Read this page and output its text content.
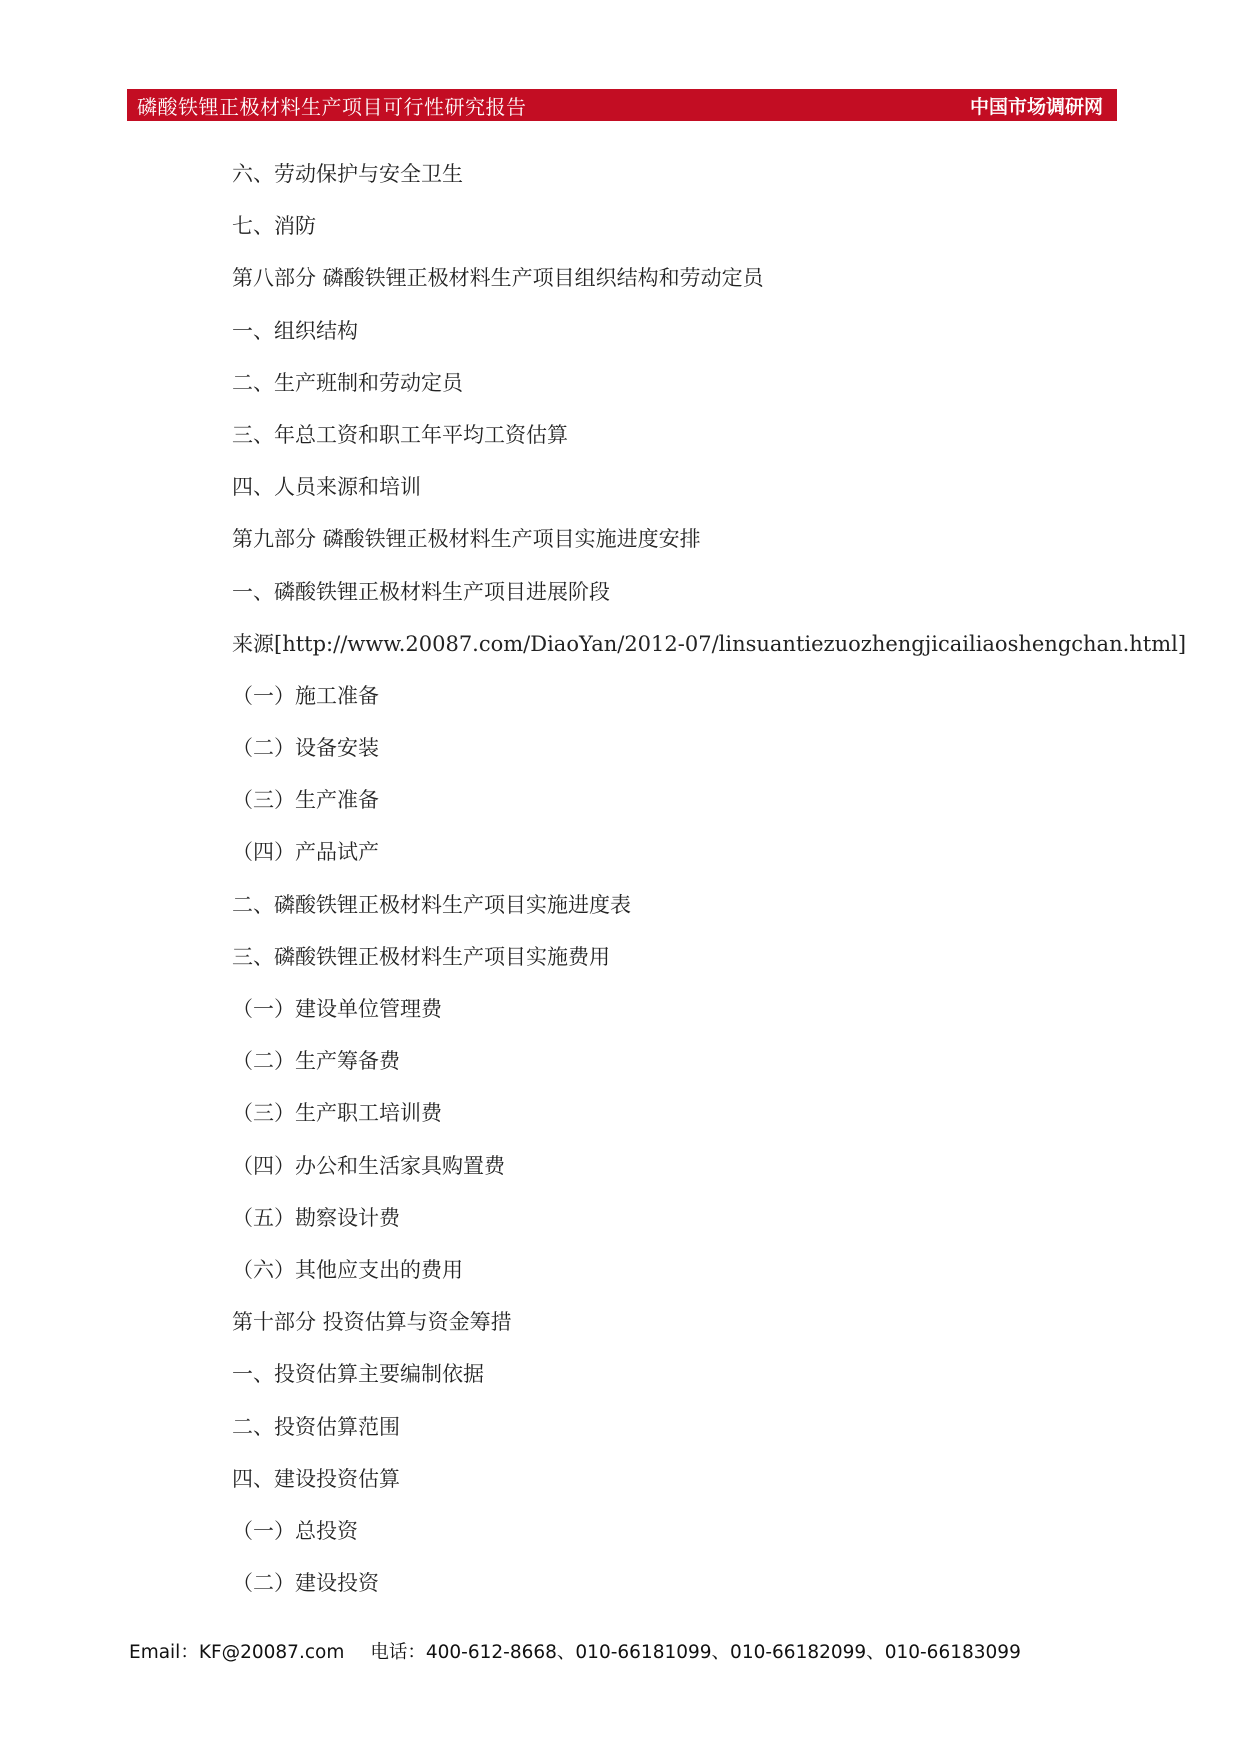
磷酸铁锂正极材料生产项目可行性研究报告	中国市场调研网
六、劳动保护与安全卫生
七、消防
第八部分 磷酸铁锂正极材料生产项目组织结构和劳动定员
一、组织结构
二、生产班制和劳动定员
三、年总工资和职工年平均工资估算
四、人员来源和培训
第九部分 磷酸铁锂正极材料生产项目实施进度安排
一、磷酸铁锂正极材料生产项目进展阶段
来源[http://www.20087.com/DiaoYan/2012-07/linsuantiezuozhengjicailiaoshengchan.html]
（一）施工准备
（二）设备安装
（三）生产准备
（四）产品试产
二、磷酸铁锂正极材料生产项目实施进度表
三、磷酸铁锂正极材料生产项目实施费用
（一）建设单位管理费
（二）生产筹备费
（三）生产职工培训费
（四）办公和生活家具购置费
（五）勘察设计费
（六）其他应支出的费用
第十部分 投资估算与资金筹措
一、投资估算主要编制依据
二、投资估算范围
四、建设投资估算
（一）总投资
（二）建设投资
Email：KF@20087.com 电话：400-612-8668、010-66181099、010-66182099、010-66183099
